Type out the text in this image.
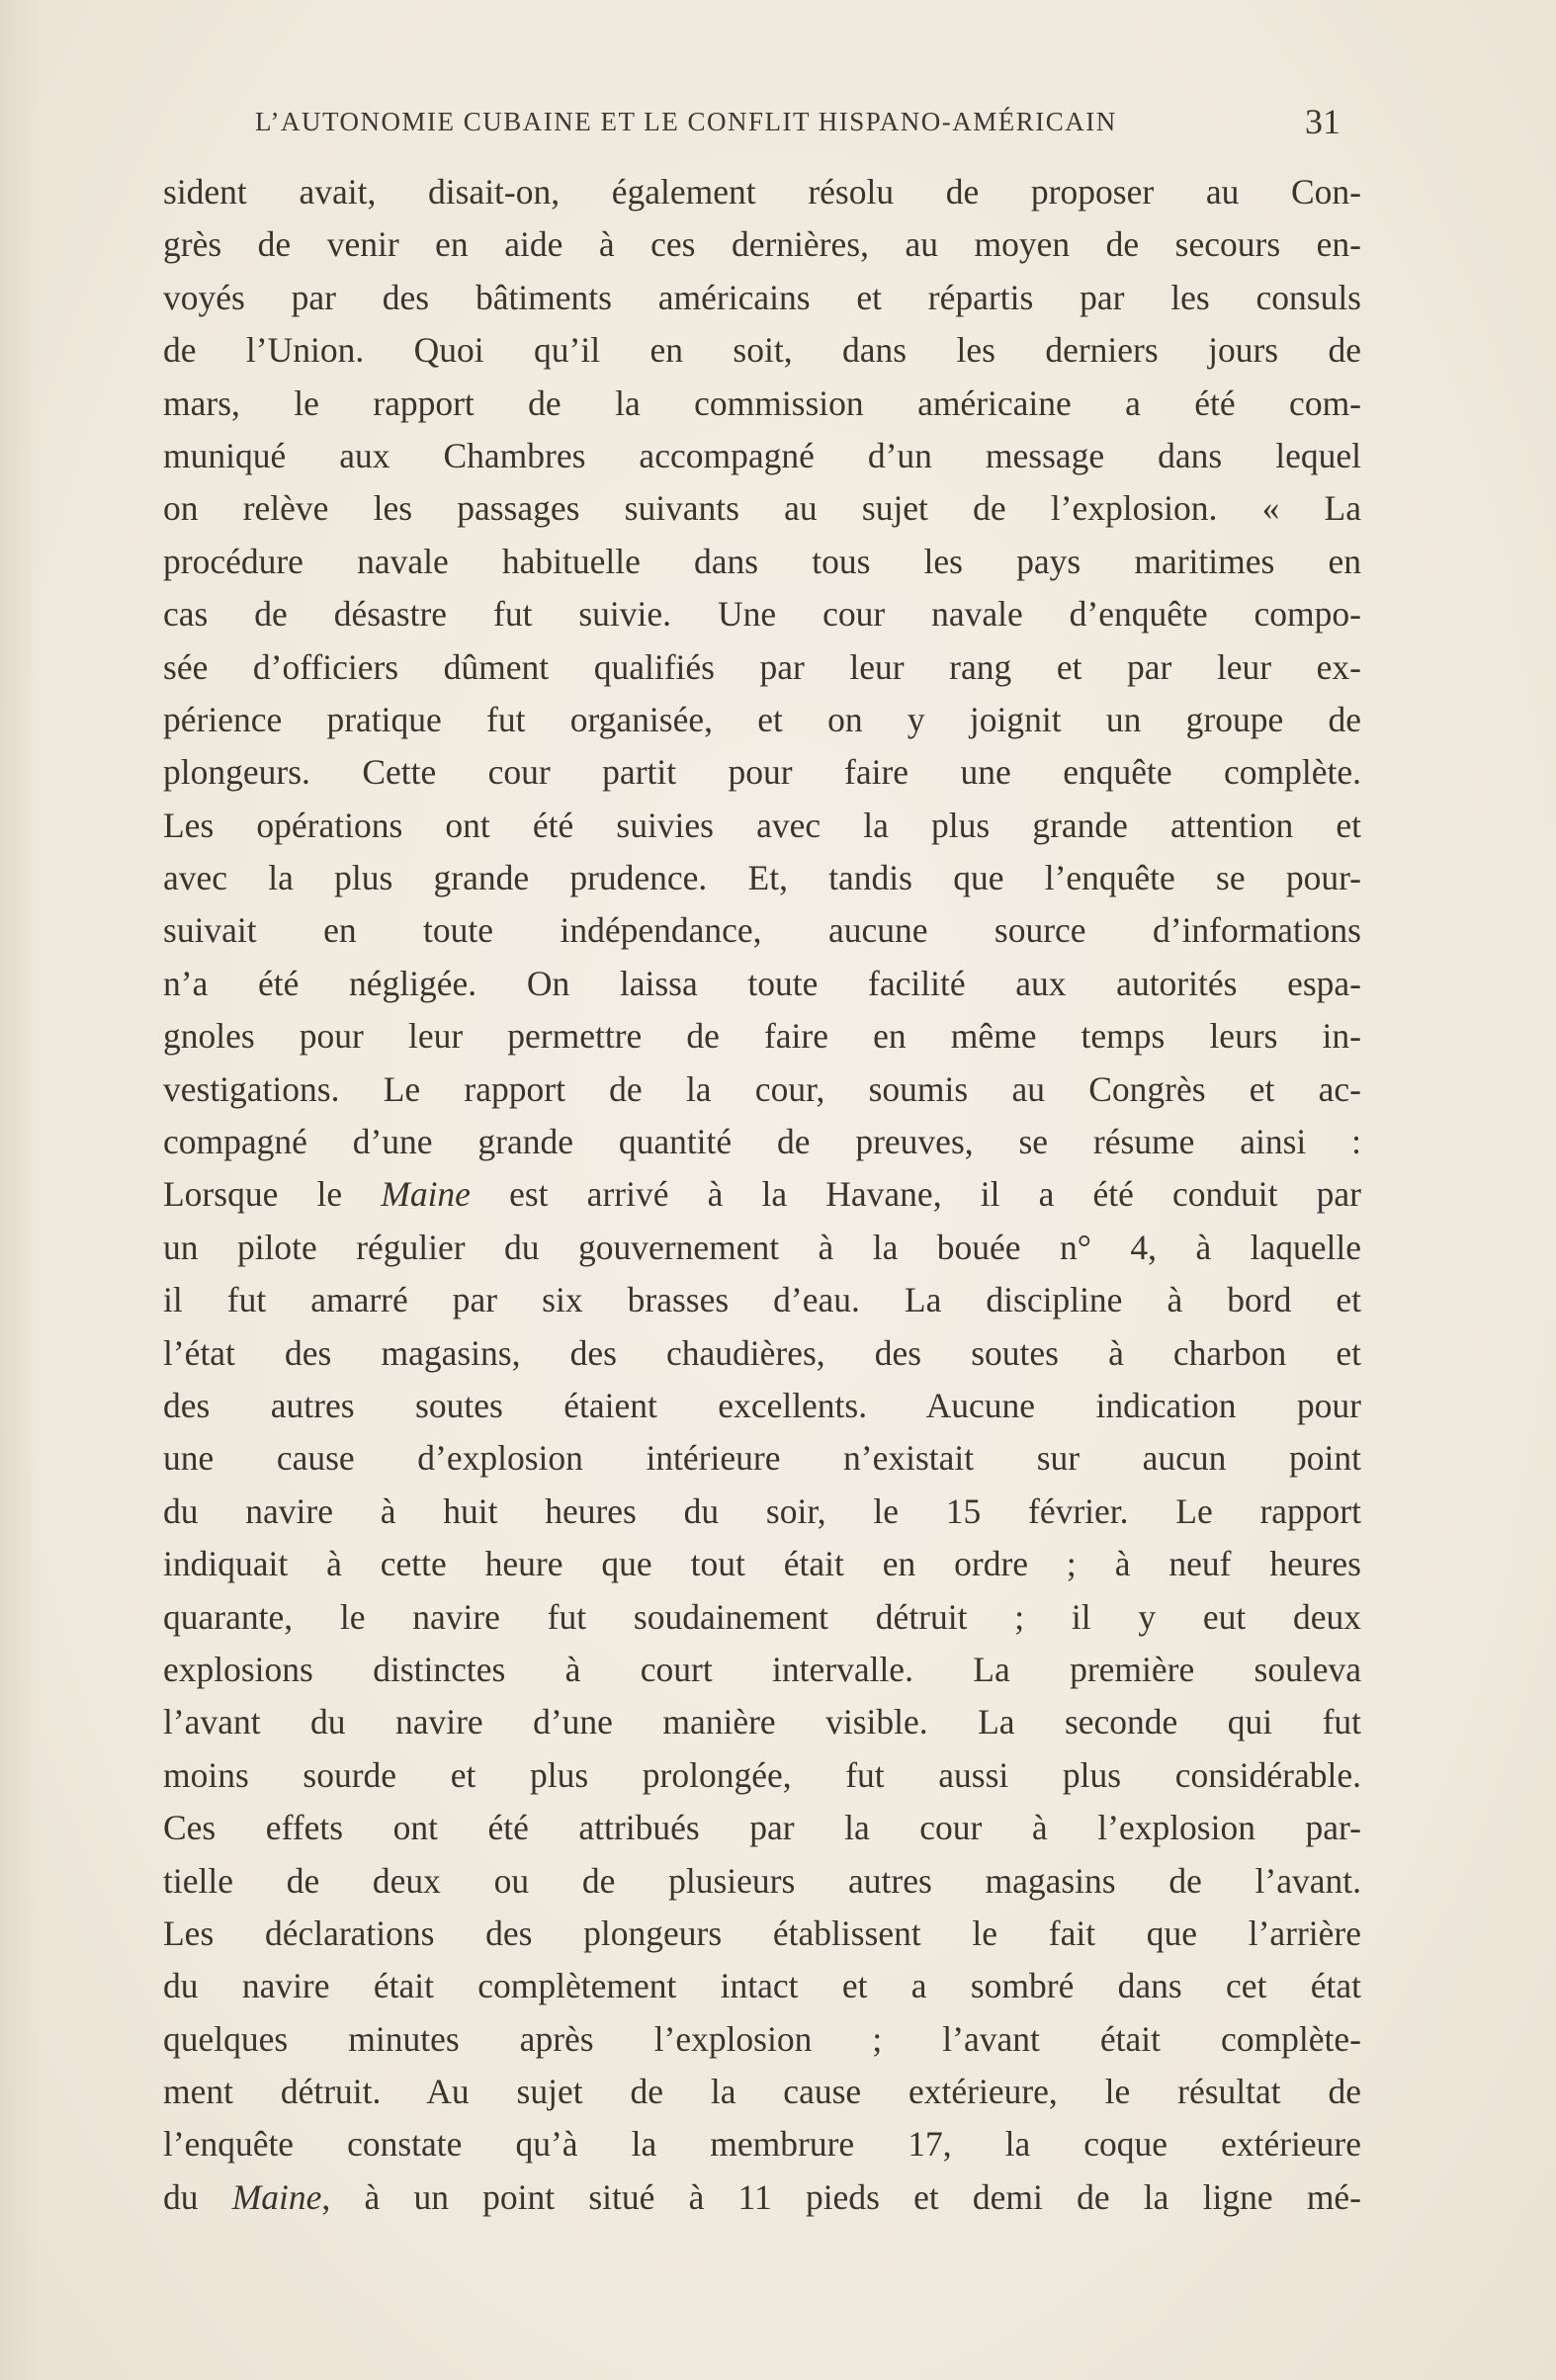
L’AUTONOMIE CUBAINE ET LE CONFLIT HISPANO-AMÉRICAIN	31
sident avait, disait-on, également résolu de proposer au Con-
grès de venir en aide à ces dernières, au moyen de secours en-
voyés par des bâtiments américains et répartis par les consuls
de l’Union. Quoi qu’il en soit, dans les derniers jours de
mars, le rapport de la commission américaine a été com-
muniqué aux Chambres accompagné d’un message dans lequel
on relève les passages suivants au sujet de l’explosion. « La
procédure navale habituelle dans tous les pays maritimes en
cas de désastre fut suivie. Une cour navale d’enquête compo-
sée d’officiers dûment qualifiés par leur rang et par leur ex-
périence pratique fut organisée, et on y joignit un groupe de
plongeurs. Cette cour partit pour faire une enquête complète.
Les opérations ont été suivies avec la plus grande attention et
avec la plus grande prudence. Et, tandis que l’enquête se pour-
suivait en toute indépendance, aucune source d’informations
n’a été négligée. On laissa toute facilité aux autorités espa-
gnoles pour leur permettre de faire en même temps leurs in-
vestigations. Le rapport de la cour, soumis au Congrès et ac-
compagné d’une grande quantité de preuves, se résume ainsi :
Lorsque le Maine est arrivé à la Havane, il a été conduit par
un pilote régulier du gouvernement à la bouée n° 4, à laquelle
il fut amarré par six brasses d’eau. La discipline à bord et
l’état des magasins, des chaudières, des soutes à charbon et
des autres soutes étaient excellents. Aucune indication pour
une cause d’explosion intérieure n’existait sur aucun point
du navire à huit heures du soir, le 15 février. Le rapport
indiquait à cette heure que tout était en ordre ; à neuf heures
quarante, le navire fut soudainement détruit ; il y eut deux
explosions distinctes à court intervalle. La première souleva
l’avant du navire d’une manière visible. La seconde qui fut
moins sourde et plus prolongée, fut aussi plus considérable.
Ces effets ont été attribués par la cour à l’explosion par-
tielle de deux ou de plusieurs autres magasins de l’avant.
Les déclarations des plongeurs établissent le fait que l’arrière
du navire était complètement intact et a sombré dans cet état
quelques minutes après l’explosion ; l’avant était complète-
ment détruit. Au sujet de la cause extérieure, le résultat de
l’enquête constate qu’à la membrure 17, la coque extérieure
du Maine, à un point situé à 11 pieds et demi de la ligne mé-
